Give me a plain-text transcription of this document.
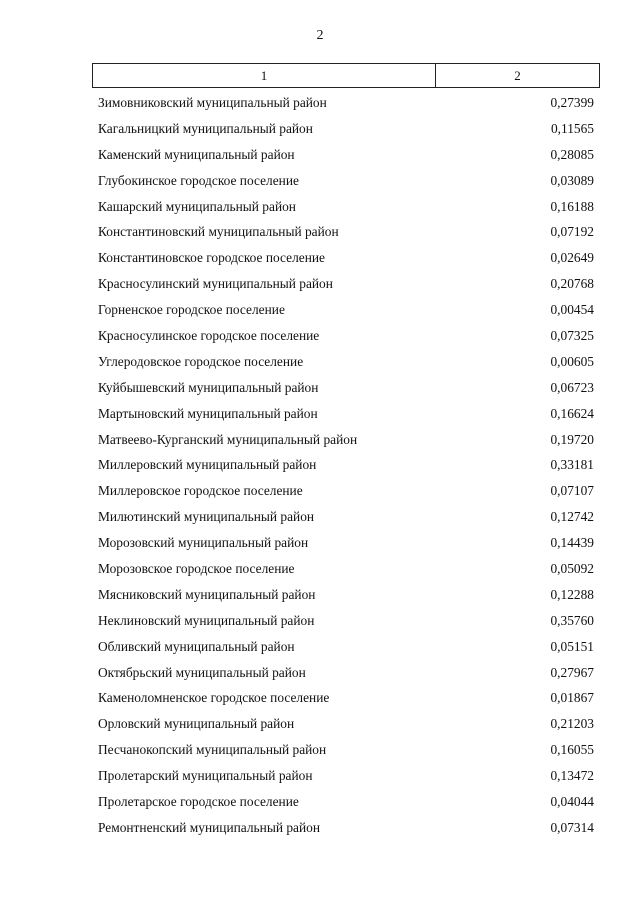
2
1	2
Зимовниковский муниципальный район	0,27399
Кагальницкий муниципальный район	0,11565
Каменский муниципальный район	0,28085
Глубокинское городское поселение	0,03089
Кашарский муниципальный район	0,16188
Константиновский муниципальный район	0,07192
Константиновское городское поселение	0,02649
Красносулинский муниципальный район	0,20768
Горненское городское поселение	0,00454
Красносулинское городское поселение	0,07325
Углеродовское городское поселение	0,00605
Куйбышевский муниципальный район	0,06723
Мартыновский муниципальный район	0,16624
Матвеево-Курганский муниципальный район	0,19720
Миллеровский муниципальный район	0,33181
Миллеровское городское поселение	0,07107
Милютинский муниципальный район	0,12742
Морозовский муниципальный район	0,14439
Морозовское городское поселение	0,05092
Мясниковский муниципальный район	0,12288
Неклиновский муниципальный район	0,35760
Обливский муниципальный район	0,05151
Октябрьский муниципальный район	0,27967
Каменоломненское городское поселение	0,01867
Орловский муниципальный район	0,21203
Песчанокопский муниципальный район	0,16055
Пролетарский муниципальный район	0,13472
Пролетарское городское поселение	0,04044
Ремонтненский муниципальный район	0,07314
